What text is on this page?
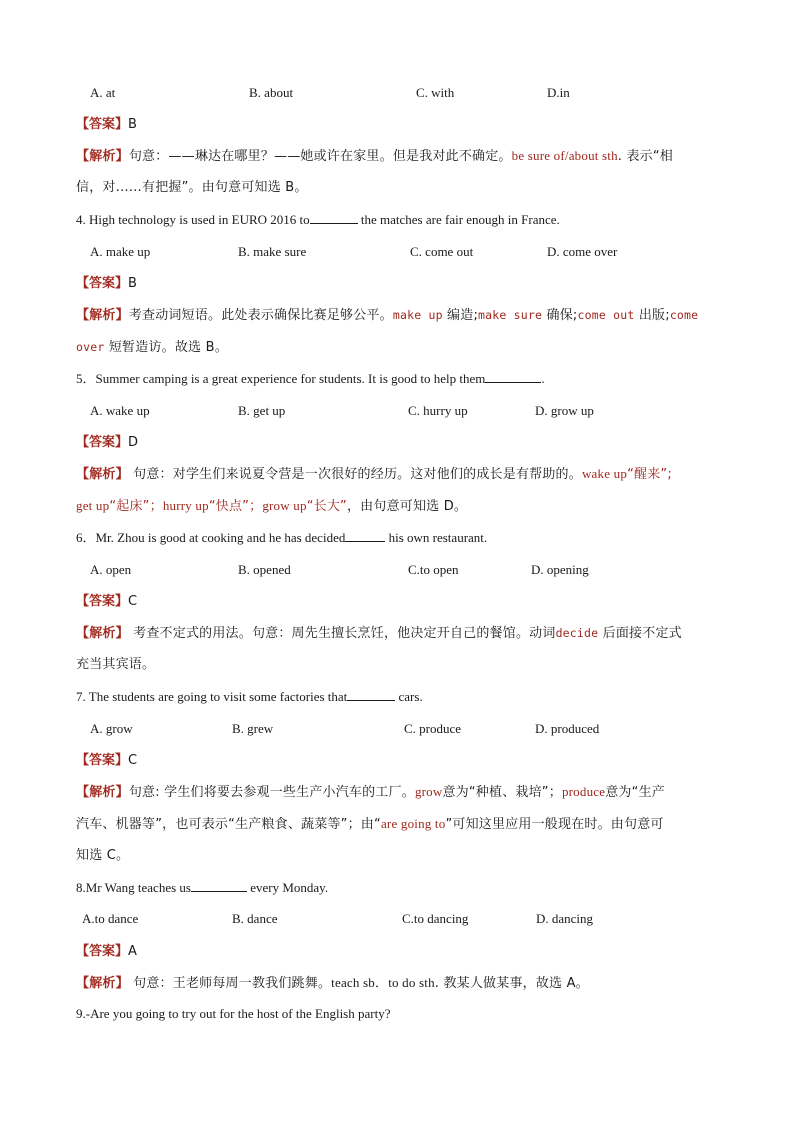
A. at	B. about	C. with	D.in
【答案】B
【解析】句意：——琳达在哪里？——她或许在家里。但是我对此不确定。be sure of/about sth. 表示“相
信，对……有把握”。由句意可知选 B。
4. High technology is used in EURO 2016 to	the matches are fair enough in France.
A. make up	B. make sure	C. come out	D. come over
【答案】B
【解析】考查动词短语。此处表示确保比赛足够公平。make up 编造;make sure 确保;come out 出版;come
over 短暂造访。故选 B。
5．Summer camping is a great experience for students. It is good to help them	.
A. wake up	B. get up	C. hurry up	D. grow up
【答案】D
【解析】 句意：对学生们来说夏令营是一次很好的经历。这对他们的成长是有帮助的。wake up“醒来”;
get up“起床”；hurry up“快点”；grow up“长大”，由句意可知选 D。
6．Mr. Zhou is good at cooking and he has decided	his own restaurant.
A. open	B. opened	C.to open	D. opening
【答案】C
【解析】 考查不定式的用法。句意：周先生擅长烹饪，他决定开自己的餐馆。动词decide 后面接不定式
充当其宾语。
7. The students are going to visit some factories that	cars.
A. grow	B. grew	C. produce	D. produced
【答案】C
【解析】句意: 学生们将要去参观一些生产小汽车的工厂。grow意为“种植、栽培”；produce意为“生产
汽车、机器等”，也可表示“生产粮食、蔬菜等”；由“are going to”可知这里应用一般现在时。由句意可
知选 C。
8.Mr Wang teaches us	every Monday.
A.to dance	B. dance	C.to dancing	D. dancing
【答案】A
【解析】 句意：王老师每周一教我们跳舞。teach sb．to do sth. 教某人做某事，故选 A。
9.-Are you going to try out for the host of the English party?
